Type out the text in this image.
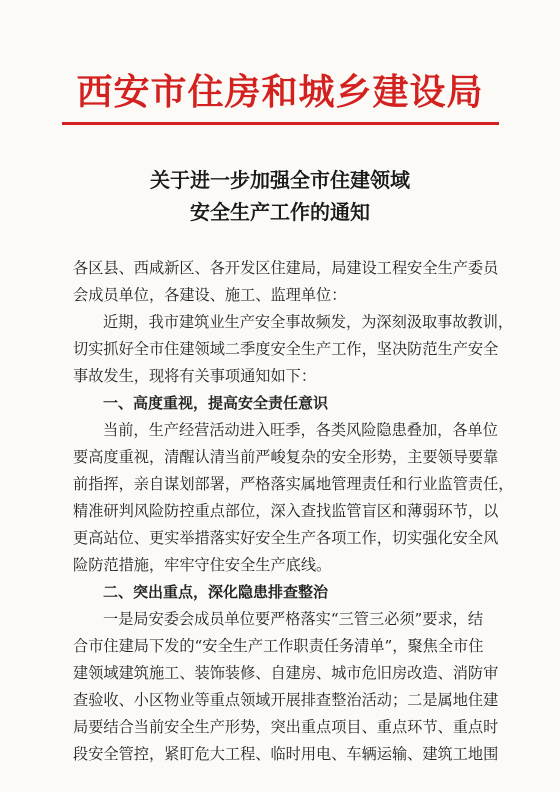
西安市住房和城乡建设局
关于进一步加强全市住建领域
安全生产工作的通知
各区县、西咸新区、各开发区住建局，局建设工程安全生产委员
会成员单位，各建设、施工、监理单位：
近期，我市建筑业生产安全事故频发，为深刻汲取事故教训，
切实抓好全市住建领域二季度安全生产工作，坚决防范生产安全
事故发生，现将有关事项通知如下：
一、高度重视，提高安全责任意识
当前，生产经营活动进入旺季，各类风险隐患叠加，各单位
要高度重视，清醒认清当前严峻复杂的安全形势，主要领导要靠
前指挥，亲自谋划部署，严格落实属地管理责任和行业监管责任，
精准研判风险防控重点部位，深入查找监管盲区和薄弱环节，以
更高站位、更实举措落实好安全生产各项工作，切实强化安全风
险防范措施，牢牢守住安全生产底线。
二、突出重点，深化隐患排查整治
一是局安委会成员单位要严格落实“三管三必须”要求，结
合市住建局下发的“安全生产工作职责任务清单”，聚焦全市住
建领域建筑施工、装饰装修、自建房、城市危旧房改造、消防审
查验收、小区物业等重点领域开展排查整治活动；二是属地住建
局要结合当前安全生产形势，突出重点项目、重点环节、重点时
段安全管控，紧盯危大工程、临时用电、车辆运输、建筑工地围
